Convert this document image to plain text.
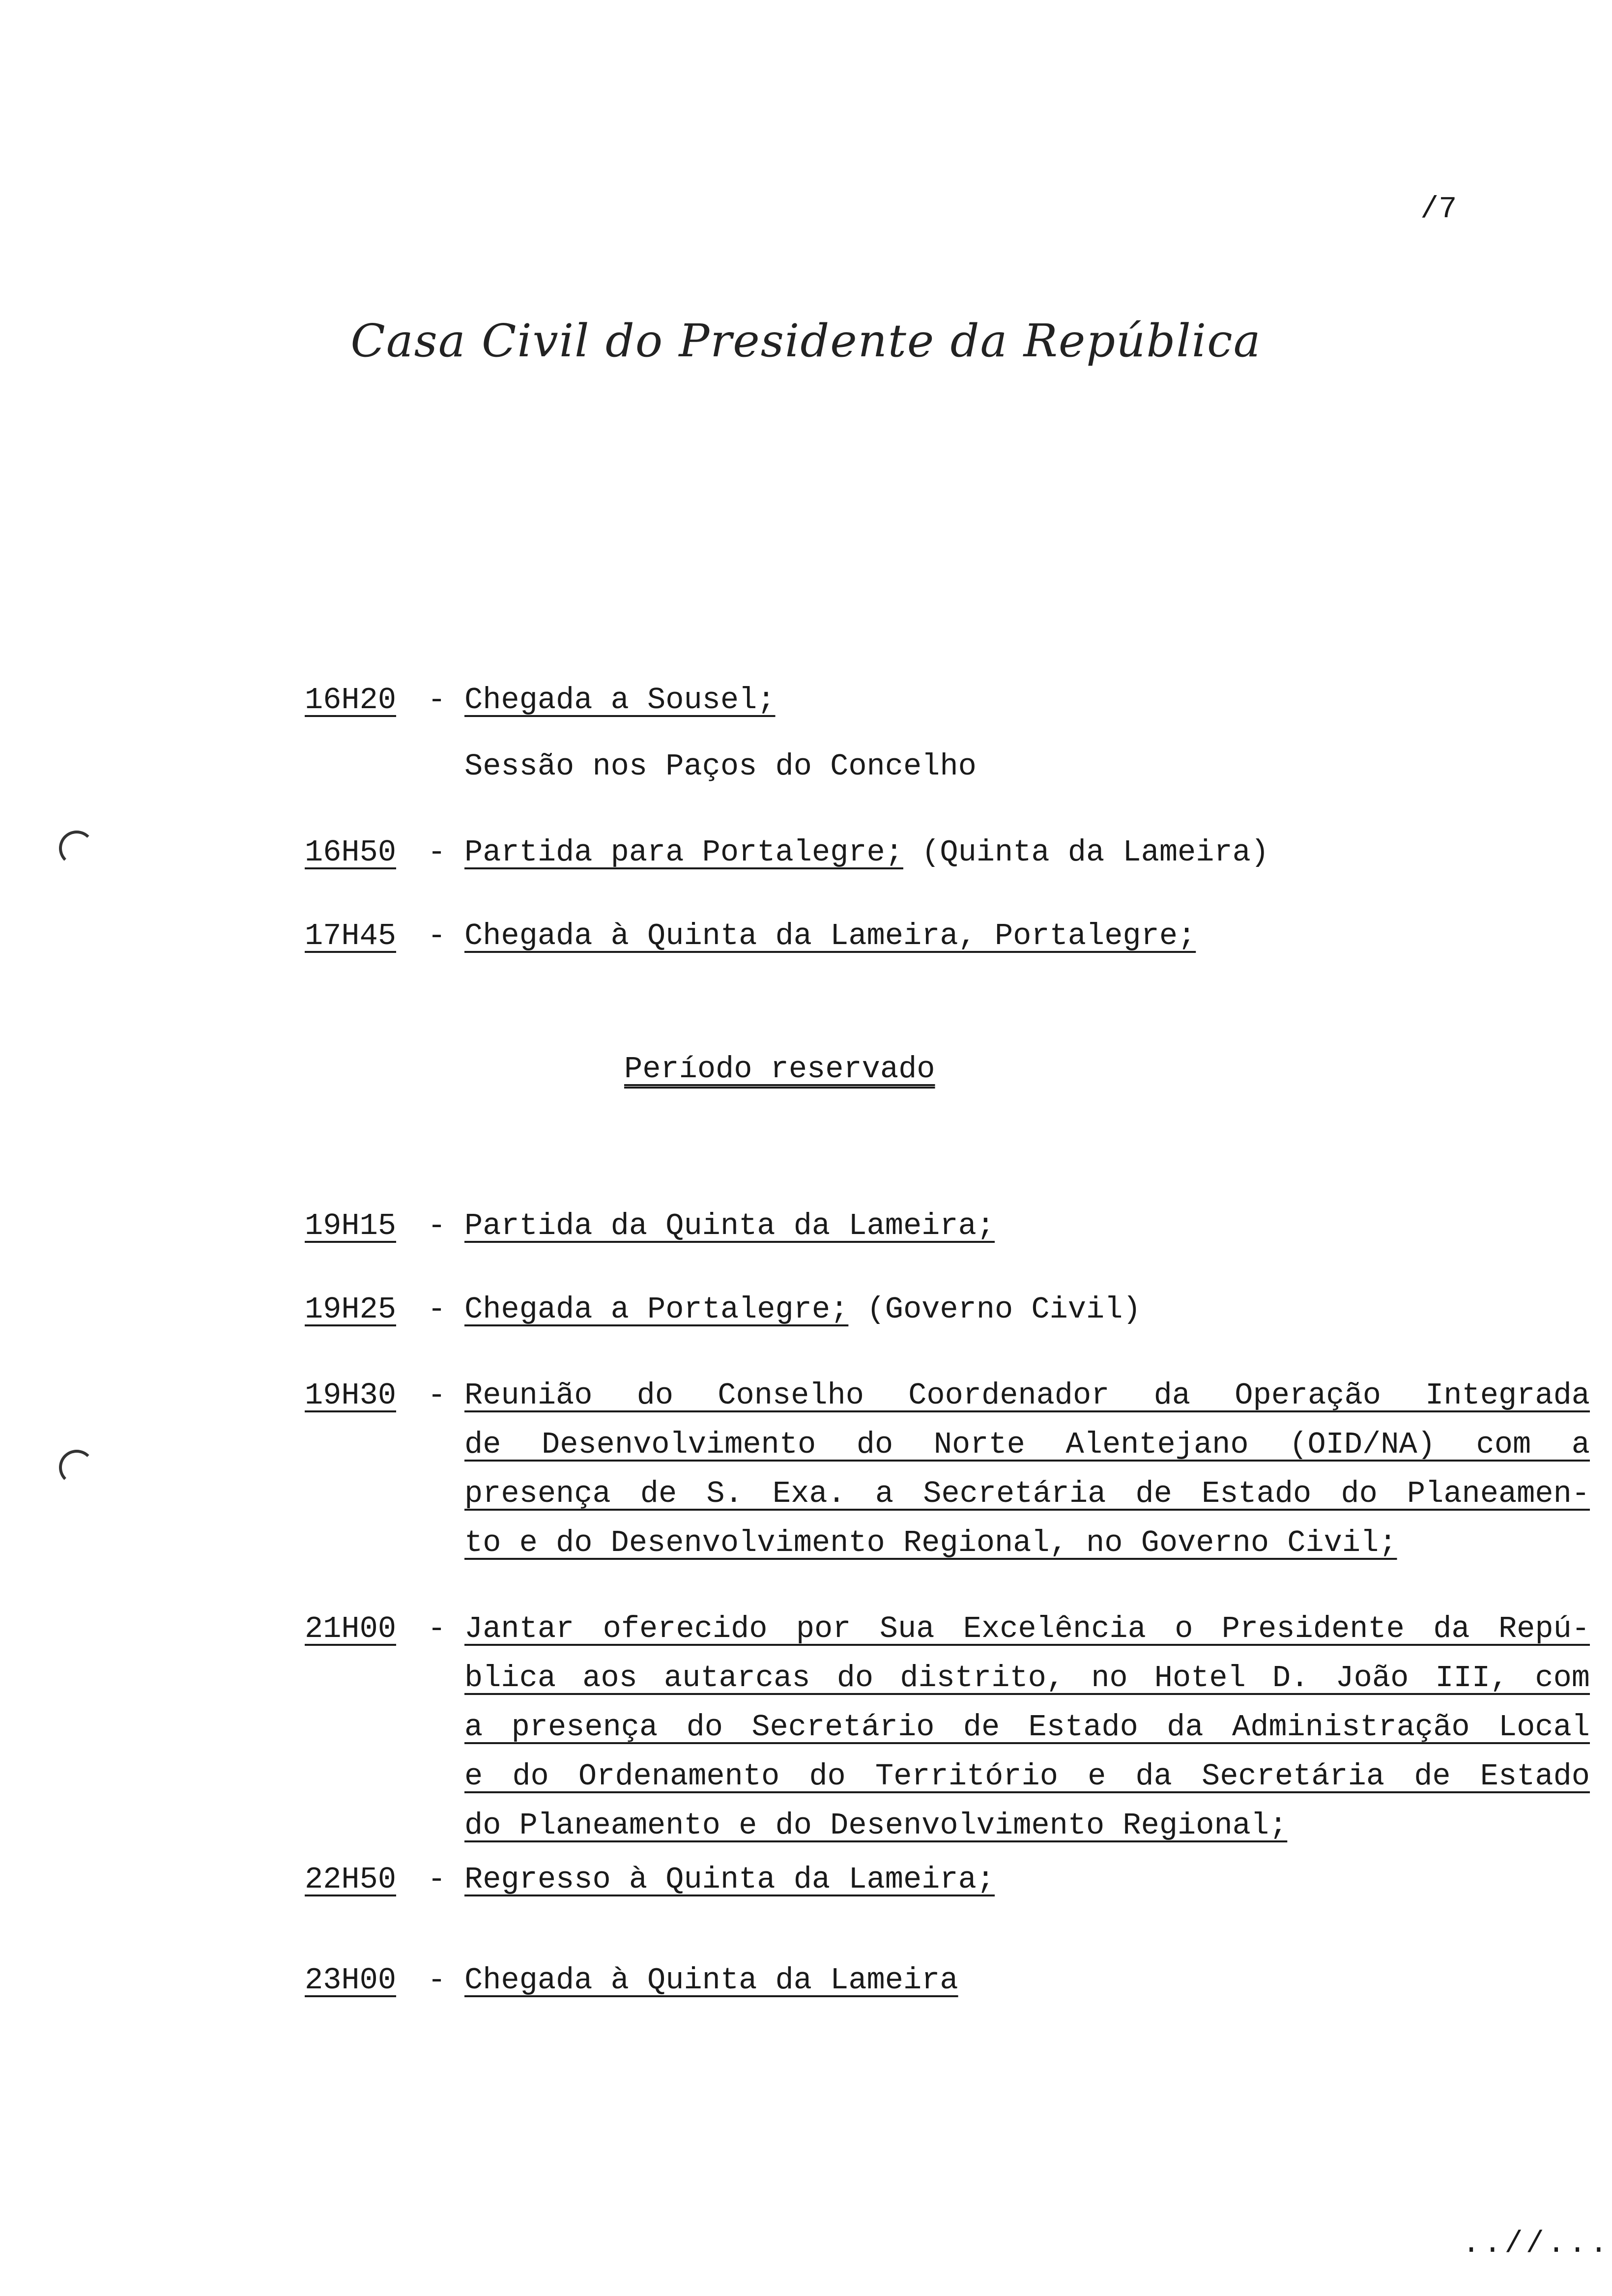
/7
Casa Civil do Presidente da República
16H20 - Chegada a Sousel;
Sessão nos Paços do Concelho
16H50 - Partida para Portalegre; (Quinta da Lameira)
17H45 - Chegada à Quinta da Lameira, Portalegre;
Período reservado
19H15 - Partida da Quinta da Lameira;
19H25 - Chegada a Portalegre; (Governo Civil)
19H30 - Reunião do Conselho Coordenador da Operação Integrada
de Desenvolvimento do Norte Alentejano (OID/NA) com a
presença de S. Exa. a Secretária de Estado do Planeamen-
to e do Desenvolvimento Regional, no Governo Civil;
21H00 - Jantar oferecido por Sua Excelência o Presidente da Repú-
blica aos autarcas do distrito, no Hotel D. João III, com
a presença do Secretário de Estado da Administração Local
e do Ordenamento do Território e da Secretária de Estado
do Planeamento e do Desenvolvimento Regional;
22H50 - Regresso à Quinta da Lameira;
23H00 - Chegada à Quinta da Lameira
..//...
